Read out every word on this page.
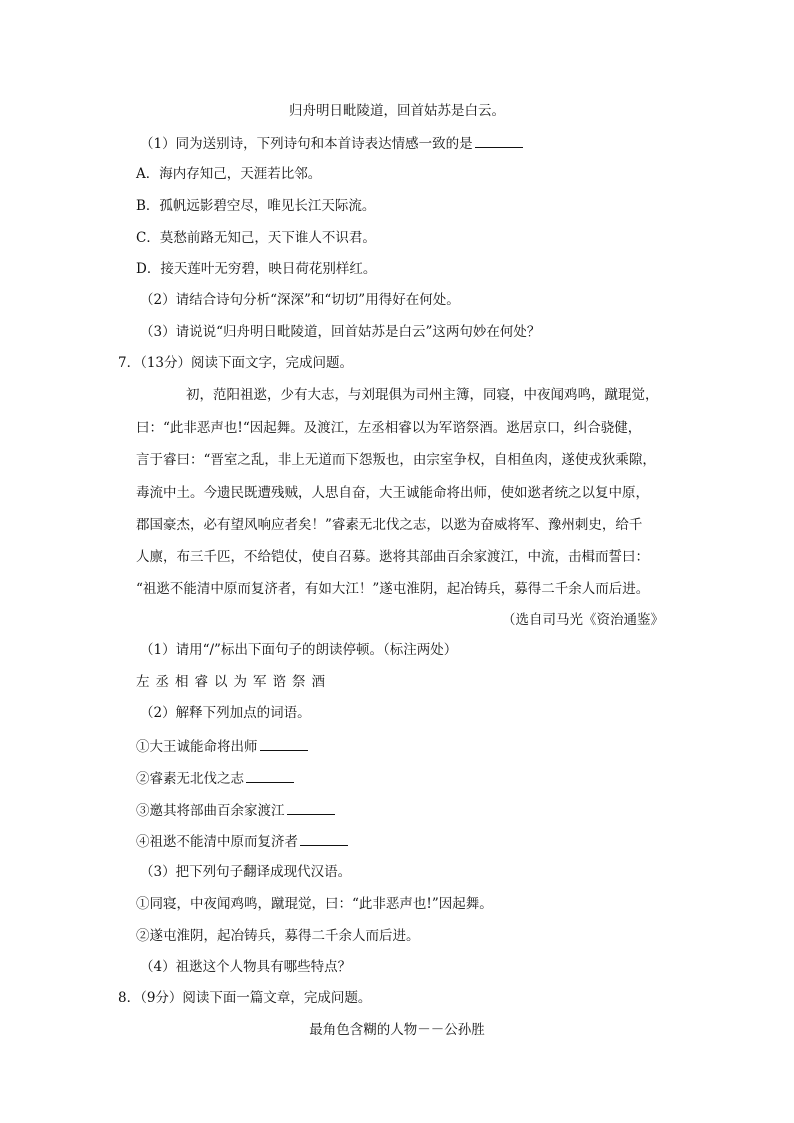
归舟明日毗陵道，回首姑苏是白云。
（1）同为送别诗，下列诗句和本首诗表达情感一致的是
A．海内存知己，天涯若比邻。
B．孤帆远影碧空尽，唯见长江天际流。
C．莫愁前路无知己，天下谁人不识君。
D．接天莲叶无穷碧，映日荷花别样红。
（2）请结合诗句分析“深深”和“切切”用得好在何处。
（3）请说说“归舟明日毗陵道，回首姑苏是白云”这两句妙在何处？
7．（13分）阅读下面文字，完成问题。
初，范阳祖逖，少有大志，与刘琨俱为司州主簿，同寝，中夜闻鸡鸣，蹴琨觉，
曰：“此非恶声也!“因起舞。及渡江，左丞相睿以为军谘祭酒。逖居京口，纠合骁健，
言于睿曰：“晋室之乱，非上无道而下怨叛也，由宗室争权，自相鱼肉，遂使戎狄乘隙，
毒流中土。今遗民既遭残贼，人思自奋，大王诚能命将出师，使如逖者统之以复中原，
郡国豪杰，必有望风响应者矣！”睿素无北伐之志，以逖为奋威将军、豫州刺史，给千
人廪，布三千匹，不给铠仗，使自召募。逖将其部曲百余家渡江，中流，击楫而誓曰：
“祖逖不能清中原而复济者，有如大江！”遂屯淮阴，起冶铸兵，募得二千余人而后进。
（选自司马光《资治通鉴》
（1）请用“/”标出下面句子的朗读停顿。（标注两处）
左丞相睿以为军谘祭酒
（2）解释下列加点的词语。
①大王诚能命将出师
②睿素无北伐之志
③邀其将部曲百余家渡江
④祖逖不能清中原而复济者
（3）把下列句子翻译成现代汉语。
①同寝，中夜闻鸡鸣，蹴琨觉，曰：“此非恶声也!”因起舞。
②遂屯淮阴，起冶铸兵，募得二千余人而后进。
（4）祖逖这个人物具有哪些特点？
8．（9分）阅读下面一篇文章，完成问题。
最角色含糊的人物－－公孙胜
